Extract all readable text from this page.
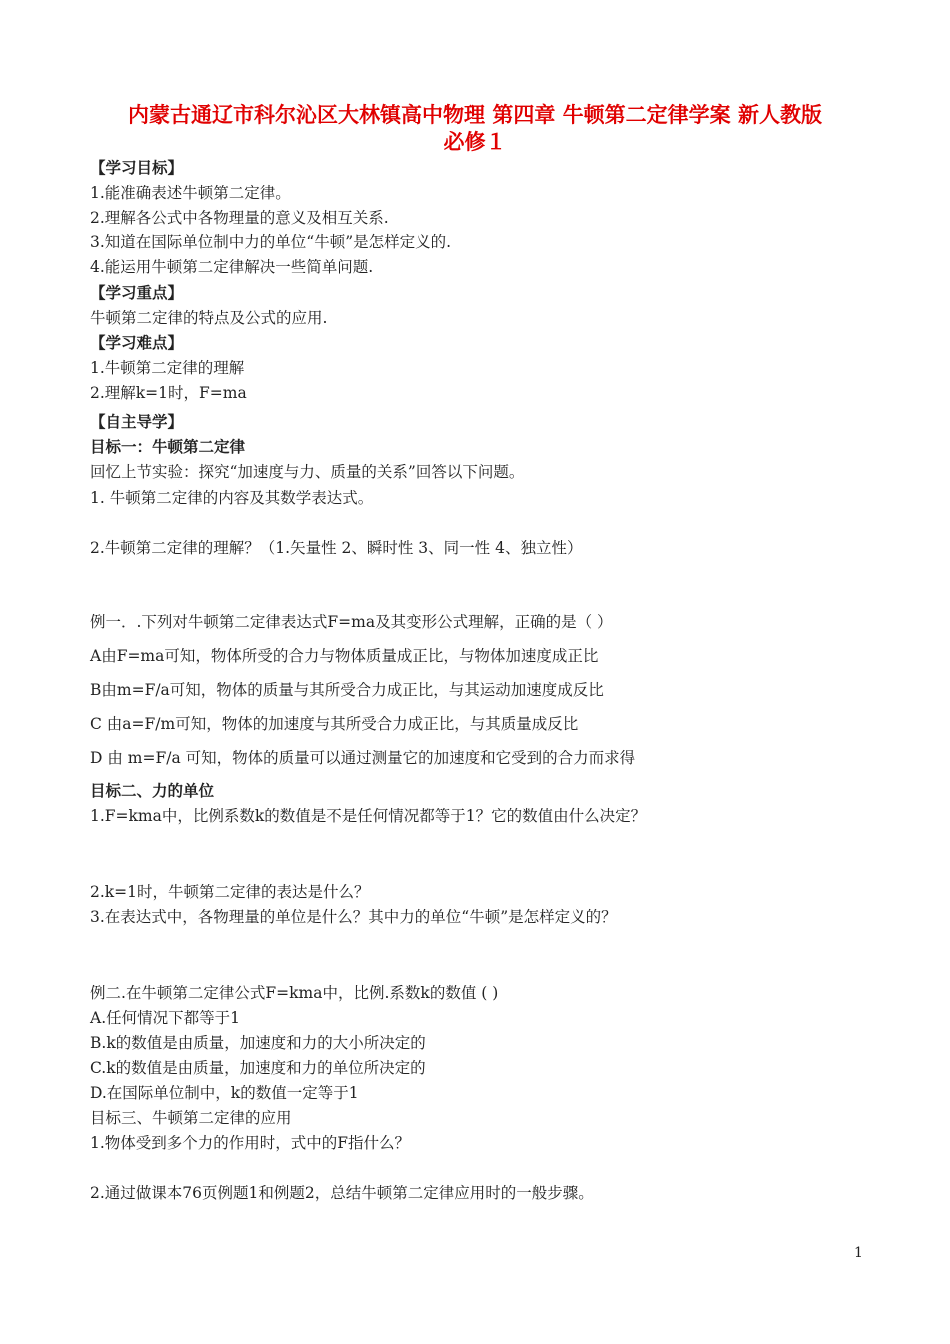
内蒙古通辽市科尔沁区大林镇高中物理 第四章 牛顿第二定律学案 新人教版
必修１
【学习目标】
1.能准确表述牛顿第二定律。
2.理解各公式中各物理量的意义及相互关系.
3.知道在国际单位制中力的单位“牛顿”是怎样定义的.
4.能运用牛顿第二定律解决一些简单问题.
【学习重点】
牛顿第二定律的特点及公式的应用.
【学习难点】
1.牛顿第二定律的理解
2.理解k=1时，F=ma
【自主导学】
目标一：牛顿第二定律
回忆上节实验：探究“加速度与力、质量的关系”回答以下问题。
1. 牛顿第二定律的内容及其数学表达式。
2.牛顿第二定律的理解？（1.矢量性 2、瞬时性 3、同一性 4、独立性）
例一．.下列对牛顿第二定律表达式F=ma及其变形公式理解，正确的是（ ）
A由F=ma可知，物体所受的合力与物体质量成正比，与物体加速度成正比
B由m=F/a可知，物体的质量与其所受合力成正比，与其运动加速度成反比
C 由a=F/m可知，物体的加速度与其所受合力成正比，与其质量成反比
D 由 m=F/a 可知，物体的质量可以通过测量它的加速度和它受到的合力而求得
目标二、力的单位
1.F=kma中，比例系数k的数值是不是任何情况都等于1？它的数值由什么决定？
2.k=1时，牛顿第二定律的表达是什么？
3.在表达式中，各物理量的单位是什么？其中力的单位“牛顿”是怎样定义的？
例二.在牛顿第二定律公式F=kma中，比例.系数k的数值 ( )
A.任何情况下都等于1
B.k的数值是由质量，加速度和力的大小所决定的
C.k的数值是由质量，加速度和力的单位所决定的
D.在国际单位制中，k的数值一定等于1
目标三、牛顿第二定律的应用
1.物体受到多个力的作用时，式中的F指什么？
2.通过做课本76页例题1和例题2，总结牛顿第二定律应用时的一般步骤。
1
